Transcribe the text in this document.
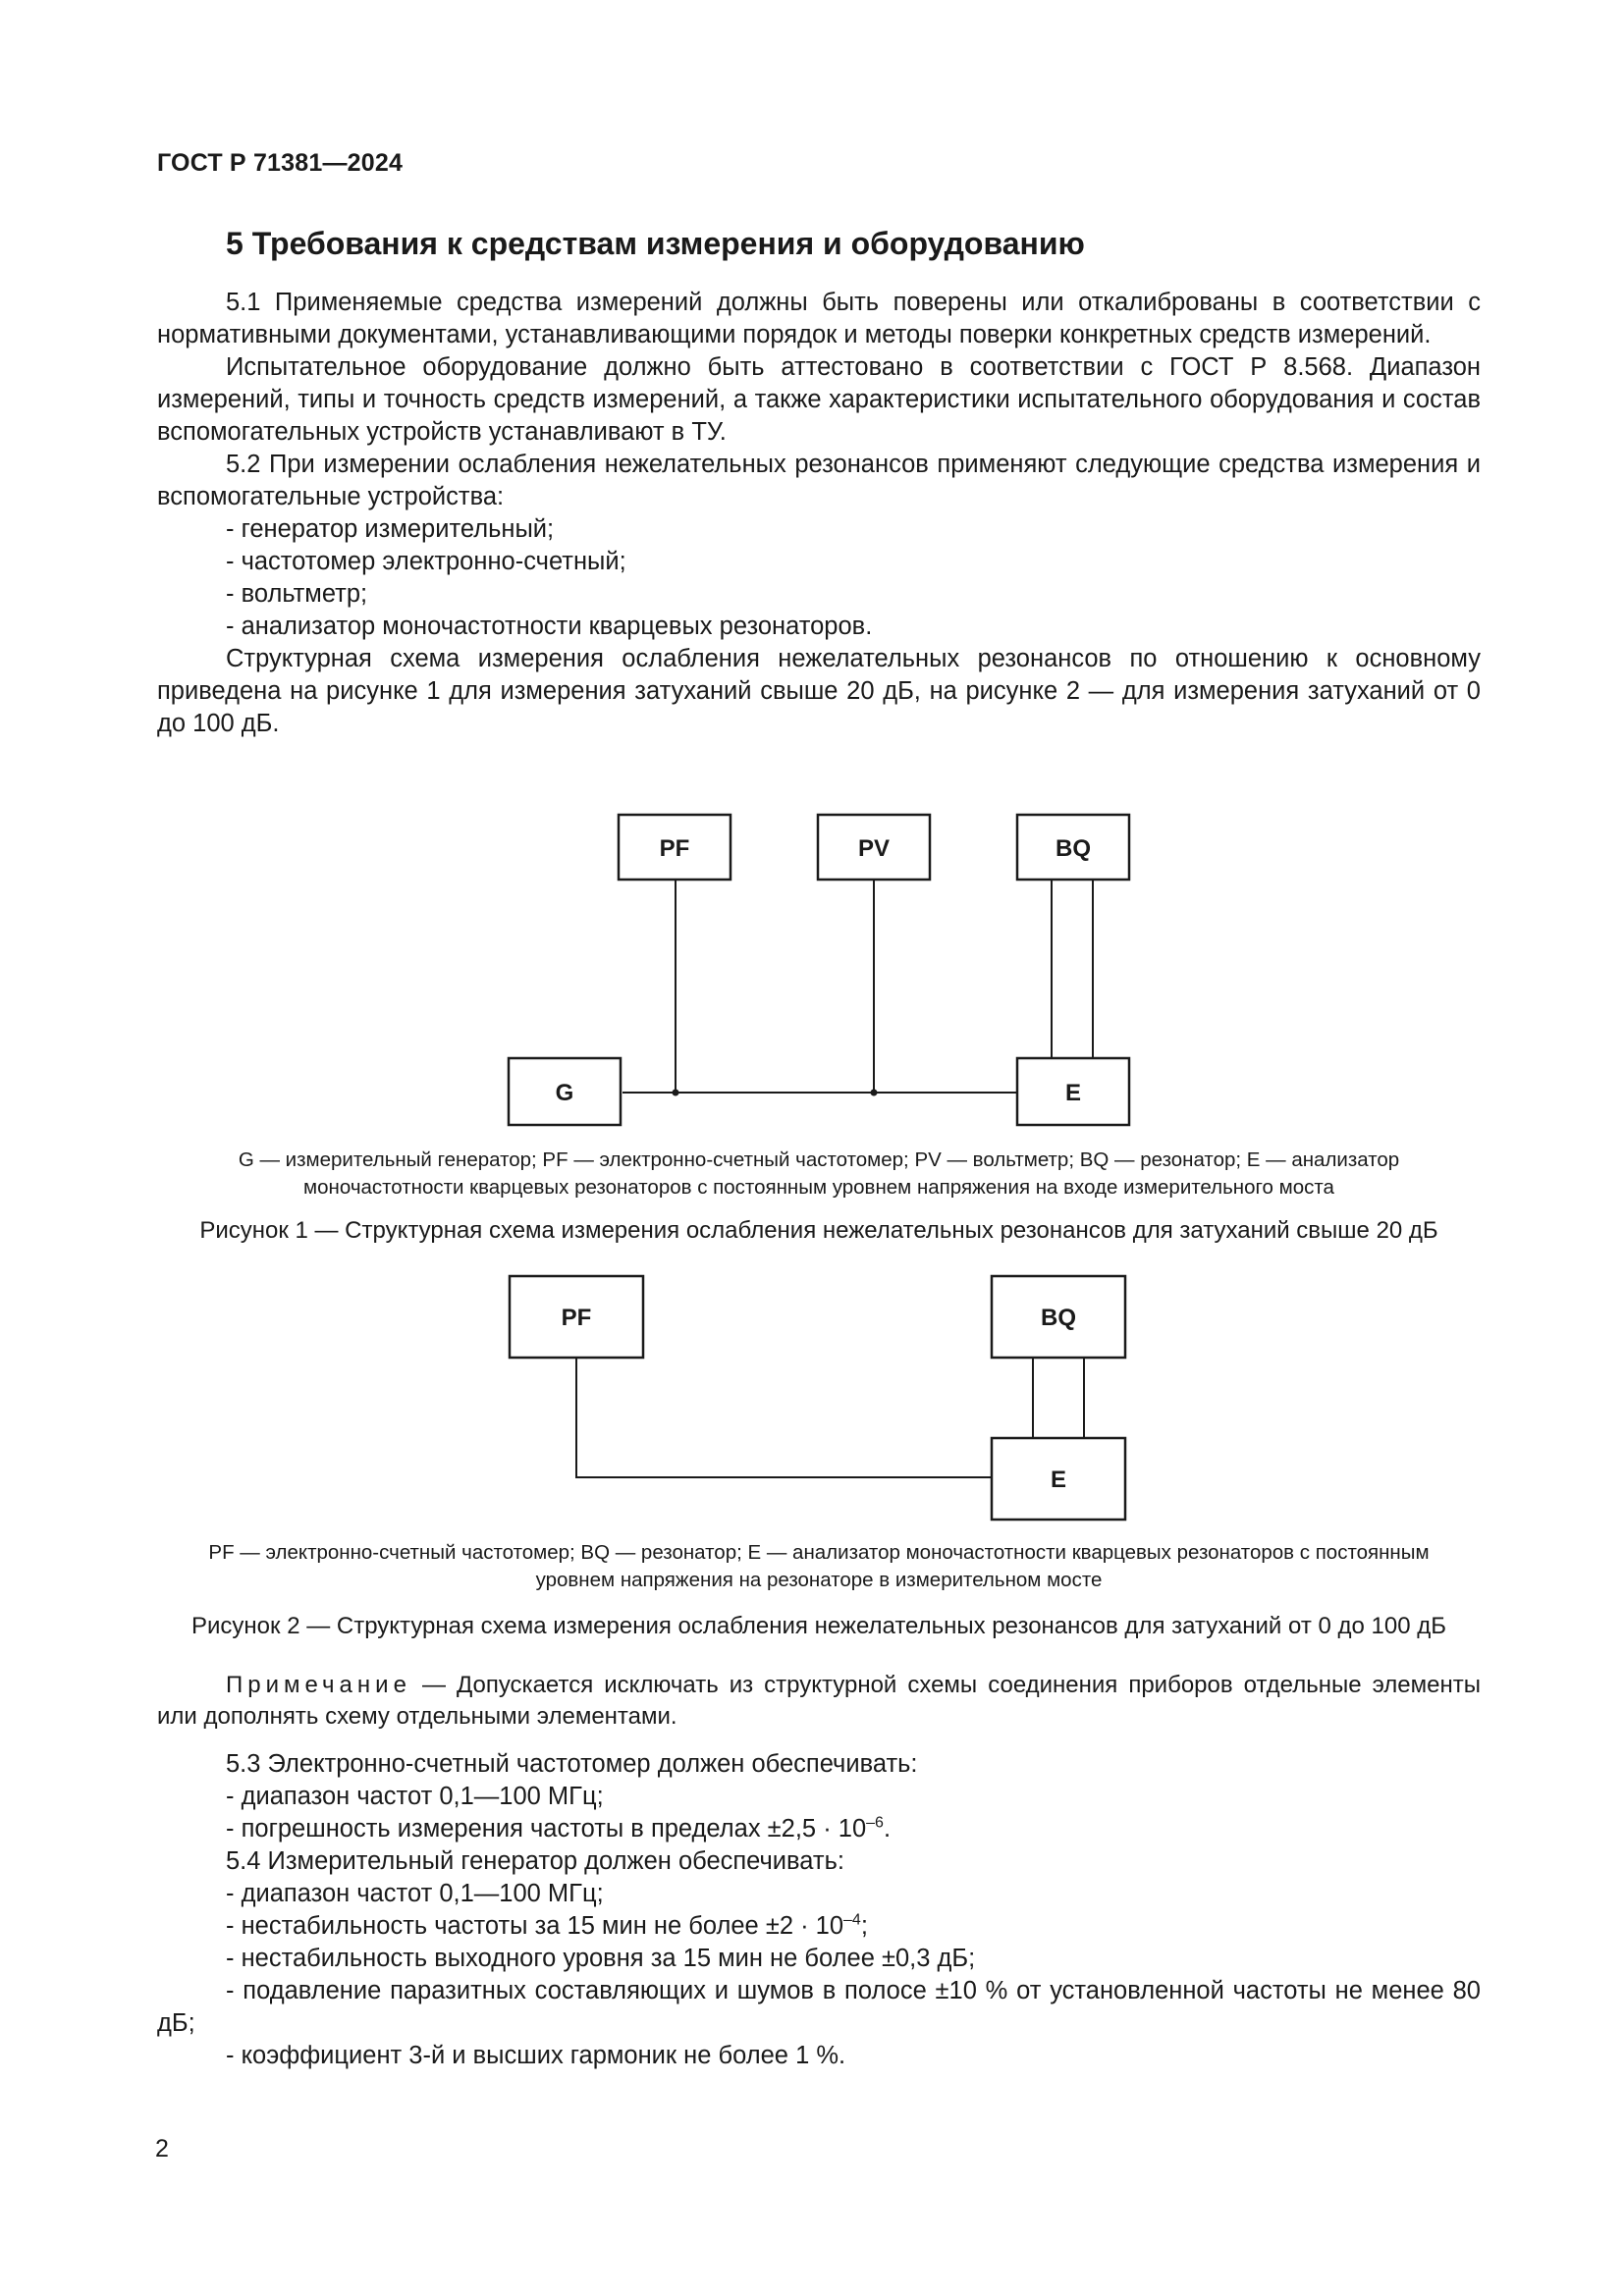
ГОСТ Р 71381—2024
5 Требования к средствам измерения и оборудованию

5.1 Применяемые средства измерений должны быть поверены или откалиброваны в соответствии с нормативными документами, устанавливающими порядок и методы поверки конкретных средств измерений.

Испытательное оборудование должно быть аттестовано в соответствии с ГОСТ Р 8.568. Диапазон измерений, типы и точность средств измерений, а также характеристики испытательного оборудования и состав вспомогательных устройств устанавливают в ТУ.

5.2 При измерении ослабления нежелательных резонансов применяют следующие средства измерения и вспомогательные устройства:

- генератор измерительный;

- частотомер электронно-счетный;

- вольтметр;

- анализатор моночастотности кварцевых резонаторов.

Структурная схема измерения ослабления нежелательных резонансов по отношению к основному приведена на рисунке 1 для измерения затуханий свыше 20 дБ, на рисунке 2 — для измерения затуханий от 0 до 100 дБ.

PF	PV	BQ
G	E
G — измерительный генератор; PF — электронно-счетный частотомер; PV — вольтметр; BQ — резонатор; E — анализатор
моночастотности кварцевых резонаторов с постоянным уровнем напряжения на входе измерительного моста
Рисунок 1 — Структурная схема измерения ослабления нежелательных резонансов для затуханий свыше 20 дБ
PF	BQ
E
PF — электронно-счетный частотомер; BQ — резонатор; E — анализатор моночастотности кварцевых резонаторов с постоянным
уровнем напряжения на резонаторе в измерительном мосте
Рисунок 2 — Структурная схема измерения ослабления нежелательных резонансов для затуханий от 0 до 100 дБ

Примечание — Допускается исключать из структурной схемы соединения приборов отдельные элементы или дополнять схему отдельными элементами.

5.3 Электронно-счетный частотомер должен обеспечивать:

- диапазон частот 0,1—100 МГц;

- погрешность измерения частоты в пределах $\pm 2,5 \cdot 10^{-6}$.

5.4 Измерительный генератор должен обеспечивать:

- диапазон частот 0,1—100 МГц;

- нестабильность частоты за 15 мин не более $\pm 2 \cdot 10^{-4}$;

- нестабильность выходного уровня за 15 мин не более ±0,3 дБ;

- подавление паразитных составляющих и шумов в полосе ±10 % от установленной частоты не менее 80 дБ;

- коэффициент 3-й и высших гармоник не более 1 %.

2
